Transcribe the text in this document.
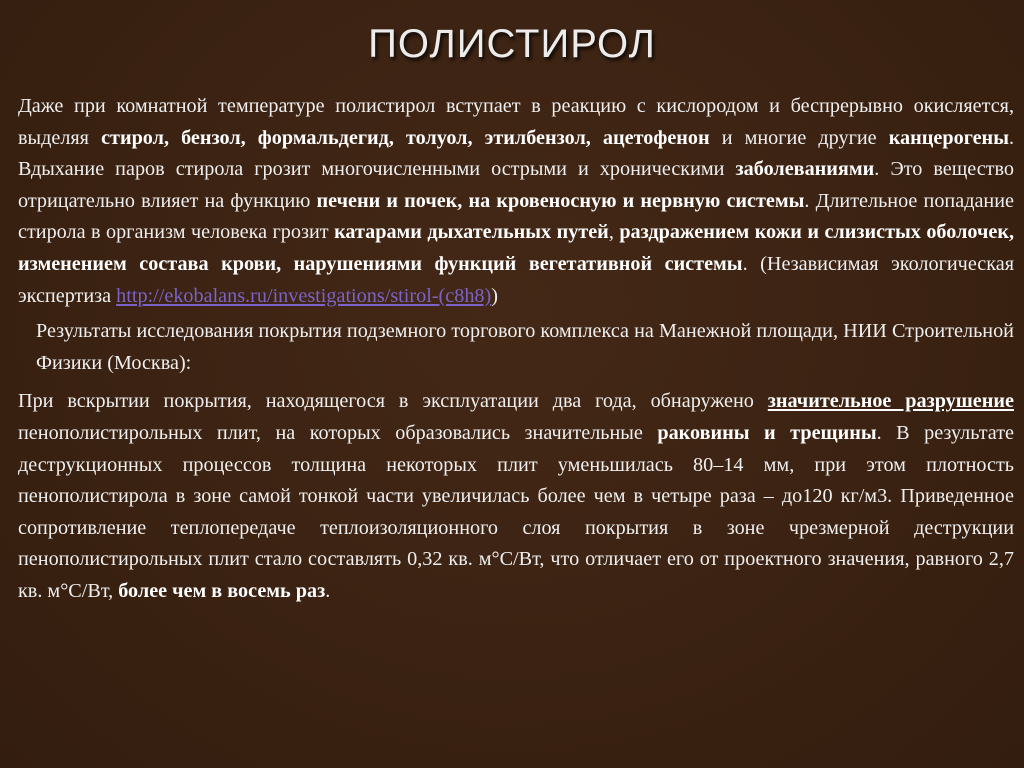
ПОЛИСТИРОЛ

Даже при комнатной температуре полистирол вступает в реакцию с кислородом и беспрерывно окисляется, выделяя стирол, бензол, формальдегид, толуол, этилбензол, ацетофенон и многие другие канцерогены. Вдыхание паров стирола грозит многочисленными острыми и хроническими заболеваниями. Это вещество отрицательно влияет на функцию печени и почек, на кровеносную и нервную системы. Длительное попадание стирола в организм человека грозит катарами дыхательных путей, раздражением кожи и слизистых оболочек, изменением состава крови, нарушениями функций вегетативной системы. (Независимая экологическая экспертиза http://ekobalans.ru/investigations/stirol-(c8h8))

Результаты исследования покрытия подземного торгового комплекса на Манежной площади, НИИ Строительной Физики (Москва):

При вскрытии покрытия, находящегося в эксплуатации два года, обнаружено значительное разрушение пенополистирольных плит, на которых образовались значительные раковины и трещины. В результате деструкционных процессов толщина некоторых плит уменьшилась 80–14 мм, при этом плотность пенополистирола в зоне самой тонкой части увеличилась более чем в четыре раза – до120 кг/м3. Приведенное сопротивление теплопередаче теплоизоляционного слоя покрытия в зоне чрезмерной деструкции пенополистирольных плит стало составлять 0,32 кв. м°С/Вт, что отличает его от проектного значения, равного 2,7 кв. м°С/Вт, более чем в восемь раз.
